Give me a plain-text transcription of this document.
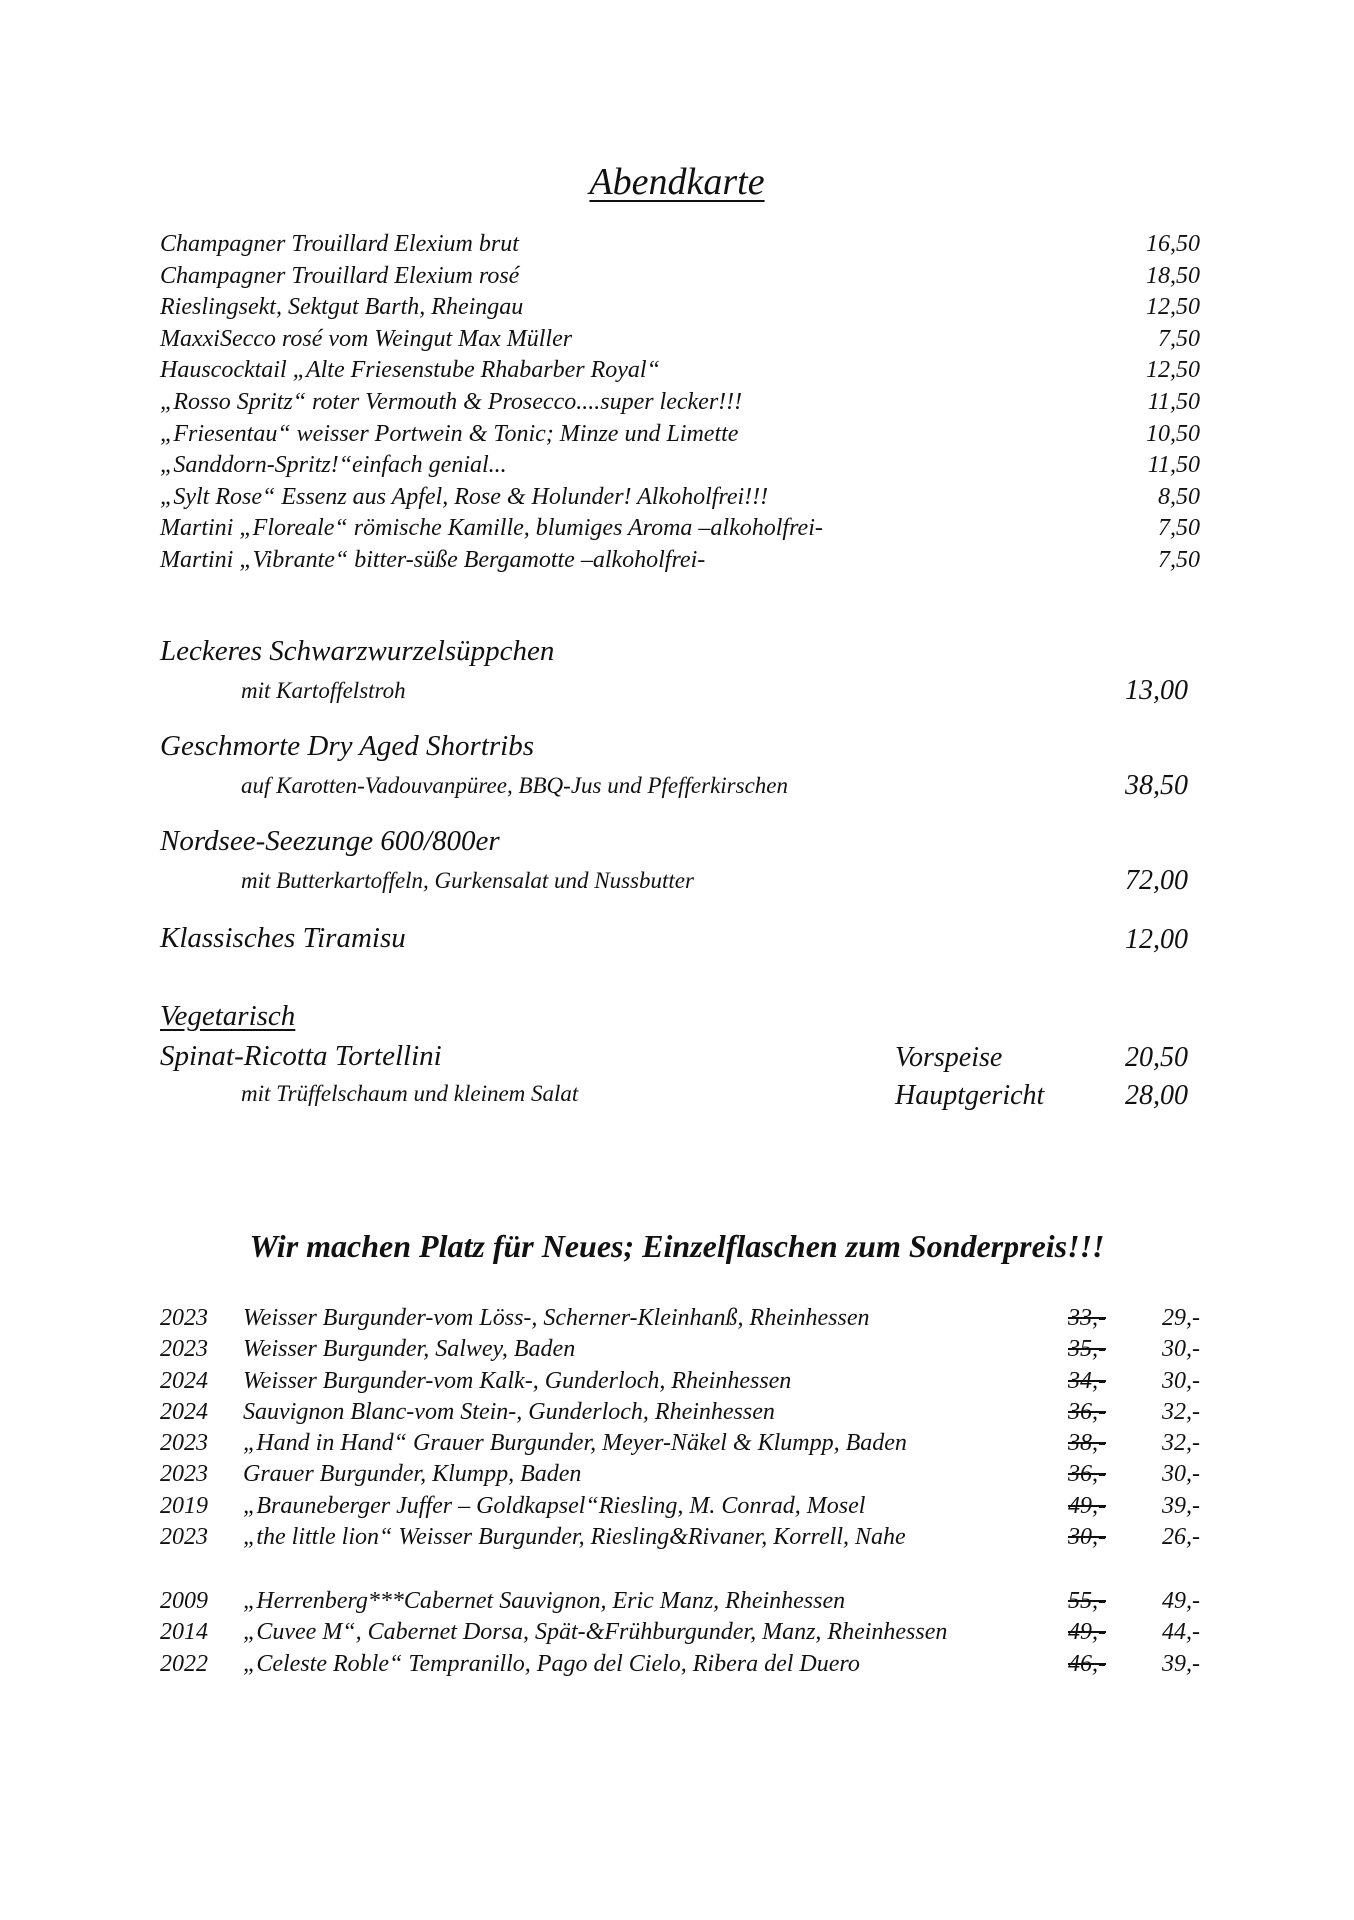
Abendkarte
Champagner Trouillard Elexium brut	16,50
Champagner Trouillard Elexium rosé	18,50
Rieslingsekt, Sektgut Barth, Rheingau	12,50
MaxxiSecco rosé vom Weingut Max Müller	7,50
Hauscocktail „Alte Friesenstube Rhabarber Royal“	12,50
„Rosso Spritz“ roter Vermouth & Prosecco....super lecker!!!	11,50
„Friesentau“ weisser Portwein & Tonic; Minze und Limette	10,50
„Sanddorn-Spritz!“einfach genial...	11,50
„Sylt Rose“ Essenz aus Apfel, Rose & Holunder! Alkoholfrei!!!	8,50
Martini „Floreale“ römische Kamille, blumiges Aroma –alkoholfrei-	7,50
Martini „Vibrante“ bitter-süße Bergamotte –alkoholfrei-	7,50
Leckeres Schwarzwurzelsüppchen
mit Kartoffelstroh	13,00
Geschmorte Dry Aged Shortribs
auf Karotten-Vadouvanpüree, BBQ-Jus und Pfefferkirschen	38,50
Nordsee-Seezunge 600/800er
mit Butterkartoffeln, Gurkensalat und Nussbutter	72,00
Klassisches Tiramisu	12,00
Vegetarisch
Spinat-Ricotta Tortellini
mit Trüffelschaum und kleinem Salat
Vorspeise	20,50
Hauptgericht	28,00
Wir machen Platz für Neues; Einzelflaschen zum Sonderpreis!!!
2023 Weisser Burgunder-vom Löss-, Scherner-Kleinhanß, Rheinhessen	33,- 29,-
2023 Weisser Burgunder, Salwey, Baden	35,- 30,-
2024 Weisser Burgunder-vom Kalk-, Gunderloch, Rheinhessen	34,- 30,-
2024 Sauvignon Blanc-vom Stein-, Gunderloch, Rheinhessen	36,- 32,-
2023 „Hand in Hand“ Grauer Burgunder, Meyer-Näkel & Klumpp, Baden	38,- 32,-
2023 Grauer Burgunder, Klumpp, Baden	36,- 30,-
2019 „Brauneberger Juffer – Goldkapsel“Riesling, M. Conrad, Mosel	49,- 39,-
2023 „the little lion“ Weisser Burgunder, Riesling&Rivaner, Korrell, Nahe	30,- 26,-
2009 „Herrenberg***Cabernet Sauvignon, Eric Manz, Rheinhessen	55,- 49,-
2014 „Cuvee M“, Cabernet Dorsa, Spät-&Frühburgunder, Manz, Rheinhessen	49,- 44,-
2022 „Celeste Roble“ Tempranillo, Pago del Cielo, Ribera del Duero	46,- 39,-
